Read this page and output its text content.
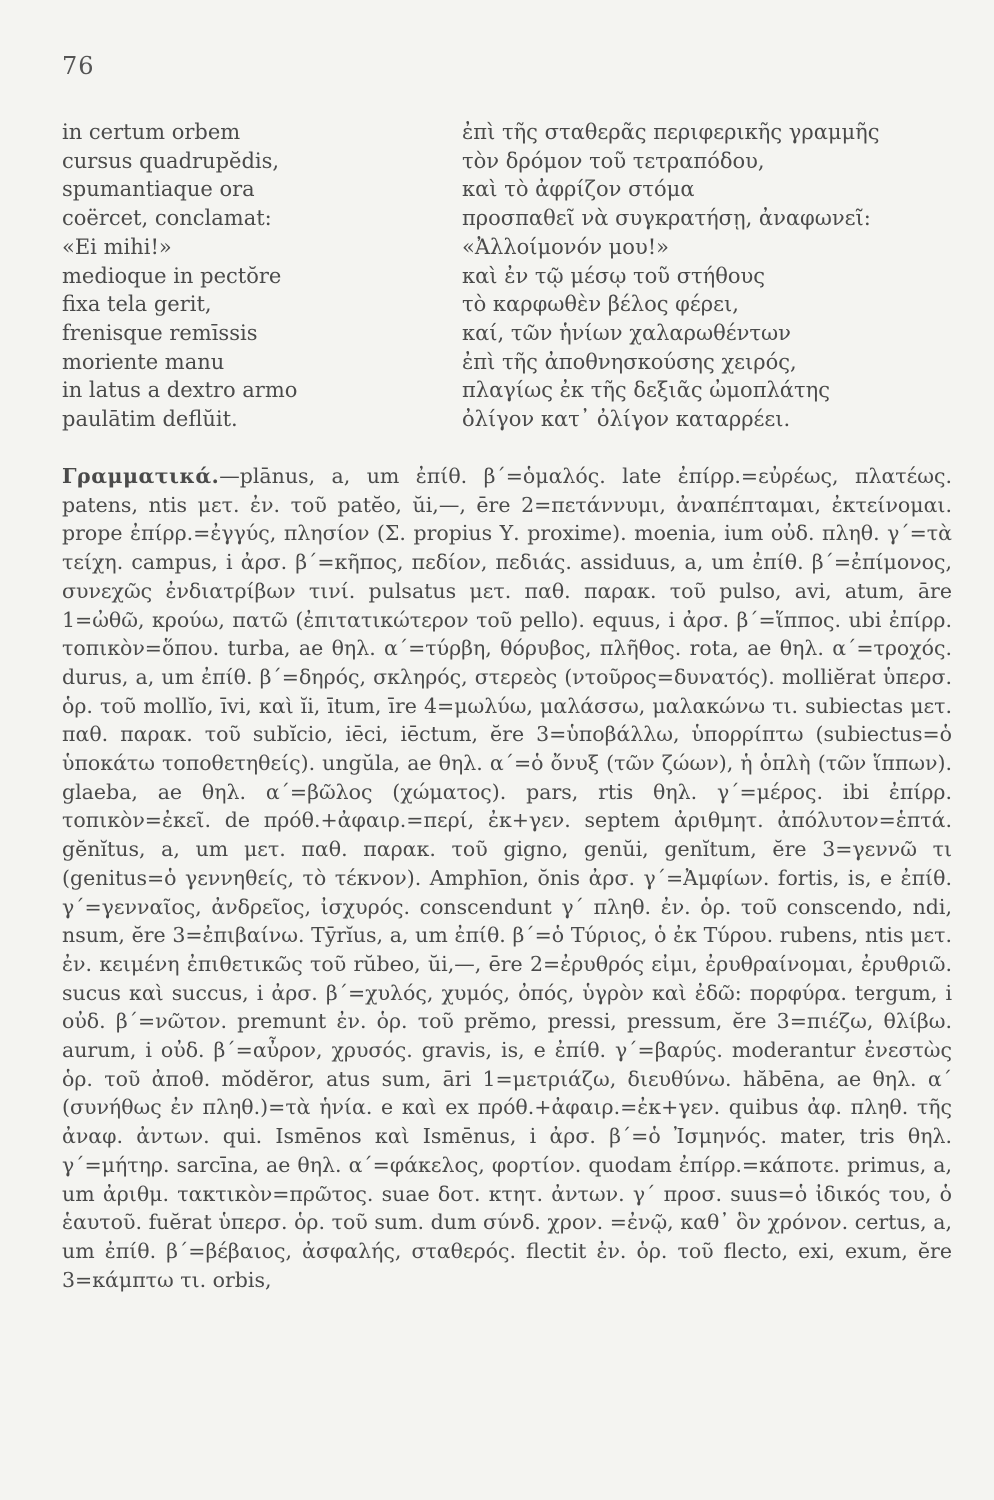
76
in certum orbem
cursus quadrupĕdis,
spumantiaque ora
coërcet, conclamat:
«Ei mihi!»
medioque in pectŏre
fixa tela gerit,
frenisque remīssis
moriente manu
in latus a dextro armo
paulātim deflŭit.
ἐπὶ τῆς σταθερᾶς περιφερικῆς γραμμῆς
τὸν δρόμον τοῦ τετραπόδου,
καὶ τὸ ἀφρίζον στόμα
προσπαθεῖ νὰ συγκρατήσῃ, ἀναφωνεῖ:
«Ἀλλοίμονόν μου!»
καὶ ἐν τῷ μέσῳ τοῦ στήθους
τὸ καρφωθὲν βέλος φέρει,
καί, τῶν ἡνίων χαλαρωθέντων
ἐπὶ τῆς ἀποθνησκούσης χειρός,
πλαγίως ἐκ τῆς δεξιᾶς ὠμοπλάτης
ὀλίγον κατ᾽ ὀλίγον καταρρέει.
Γραμματικά.—plānus, a, um ἐπίθ. β΄=ὁμαλός. late ἐπίρρ.=εὐρέως, πλατέως. patens, ntis μετ. ἐν. τοῦ patĕo, ŭi,—, ēre 2=πετάννυμι, ἀναπέπταμαι, ἐκτείνομαι. prope ἐπίρρ.=ἐγγύς, πλησίον (Σ. propius Υ. proxime). moenia, ium οὐδ. πληθ. γ΄=τὰ τείχη. campus, i ἀρσ. β΄=κῆπος, πεδίον, πεδιάς. assiduus, a, um ἐπίθ. β΄=ἐπίμονος, συνεχῶς ἐνδιατρίβων τινί. pulsatus μετ. παθ. παρακ. τοῦ pulso, avi, atum, āre 1=ὠθῶ, κρούω, πατῶ (ἐπιτατικώτερον τοῦ pello). equus, i ἀρσ. β΄=ἵππος. ubi ἐπίρρ. τοπικὸν=ὅπου. turba, ae θηλ. α΄=τύρβη, θόρυβος, πλῆθος. rota, ae θηλ. α΄=τροχός. durus, a, um ἐπίθ. β΄=δηρός, σκληρός, στερεὸς (ντοῦρος=δυνατός). molliĕrat ὑπερσ. ὁρ. τοῦ mollĭo, īvi, καὶ ĭi, ītum, īre 4=μωλύω, μαλάσσω, μαλακώνω τι. subiectas μετ. παθ. παρακ. τοῦ subĭcio, iēci, iēctum, ĕre 3=ὑποβάλλω, ὑπορρίπτω (subiectus=ὁ ὑποκάτω τοποθετηθείς). ungŭla, ae θηλ. α΄=ὁ ὄνυξ (τῶν ζώων), ἡ ὁπλὴ (τῶν ἵππων). glaeba, ae θηλ. α΄=βῶλος (χώματος). pars, rtis θηλ. γ΄=μέρος. ibi ἐπίρρ. τοπικὸν=ἐκεῖ. de πρόθ.+ἀφαιρ.=περί, ἐκ+γεν. septem ἀριθμητ. ἀπόλυτον=ἑπτά. gĕnĭtus, a, um μετ. παθ. παρακ. τοῦ gigno, genŭi, genĭtum, ĕre 3=γεννῶ τι (genitus=ὁ γεννηθείς, τὸ τέκνον). Amphīon, ŏnis ἀρσ. γ΄=Ἀμφίων. fortis, is, e ἐπίθ. γ΄=γενναῖος, ἀνδρεῖος, ἰσχυρός. conscendunt γ΄ πληθ. ἐν. ὁρ. τοῦ conscendo, ndi, nsum, ĕre 3=ἐπιβαίνω. Tȳrĭus, a, um ἐπίθ. β΄=ὁ Τύριος, ὁ ἐκ Τύρου. rubens, ntis μετ. ἐν. κειμένη ἐπιθετικῶς τοῦ rŭbeo, ŭi,—, ēre 2=ἐρυθρός εἰμι, ἐρυθραίνομαι, ἐρυθριῶ. sucus καὶ succus, i ἀρσ. β΄=χυλός, χυμός, ὀπός, ὑγρὸν καὶ ἐδῶ: πορφύρα. tergum, i οὐδ. β΄=νῶτον. premunt ἐν. ὁρ. τοῦ prĕmo, pressi, pressum, ĕre 3=πιέζω, θλίβω. aurum, i οὐδ. β΄=αὖρον, χρυσός. gravis, is, e ἐπίθ. γ΄=βαρύς. moderantur ἐνεστὼς ὁρ. τοῦ ἀποθ. mŏdĕror, atus sum, āri 1=μετριάζω, διευθύνω. hăbēna, ae θηλ. α΄ (συνήθως ἐν πληθ.)=τὰ ἡνία. e καὶ ex πρόθ.+ἀφαιρ.=ἐκ+γεν. quibus ἀφ. πληθ. τῆς ἀναφ. ἀντων. qui. Ismēnos καὶ Ismēnus, i ἀρσ. β΄=ὁ Ἰσμηνός. mater, tris θηλ. γ΄=μήτηρ. sarcīna, ae θηλ. α΄=φάκελος, φορτίον. quodam ἐπίρρ.=κάποτε. primus, a, um ἀριθμ. τακτικὸν=πρῶτος. suae δοτ. κτητ. ἀντων. γ΄ προσ. suus=ὁ ἰδικός του, ὁ ἑαυτοῦ. fuĕrat ὑπερσ. ὁρ. τοῦ sum. dum σύνδ. χρον. =ἐνῷ, καθ᾽ ὃν χρόνον. certus, a, um ἐπίθ. β΄=βέβαιος, ἀσφαλής, σταθερός. flectit ἐν. ὁρ. τοῦ flecto, exi, exum, ĕre 3=κάμπτω τι. orbis,
